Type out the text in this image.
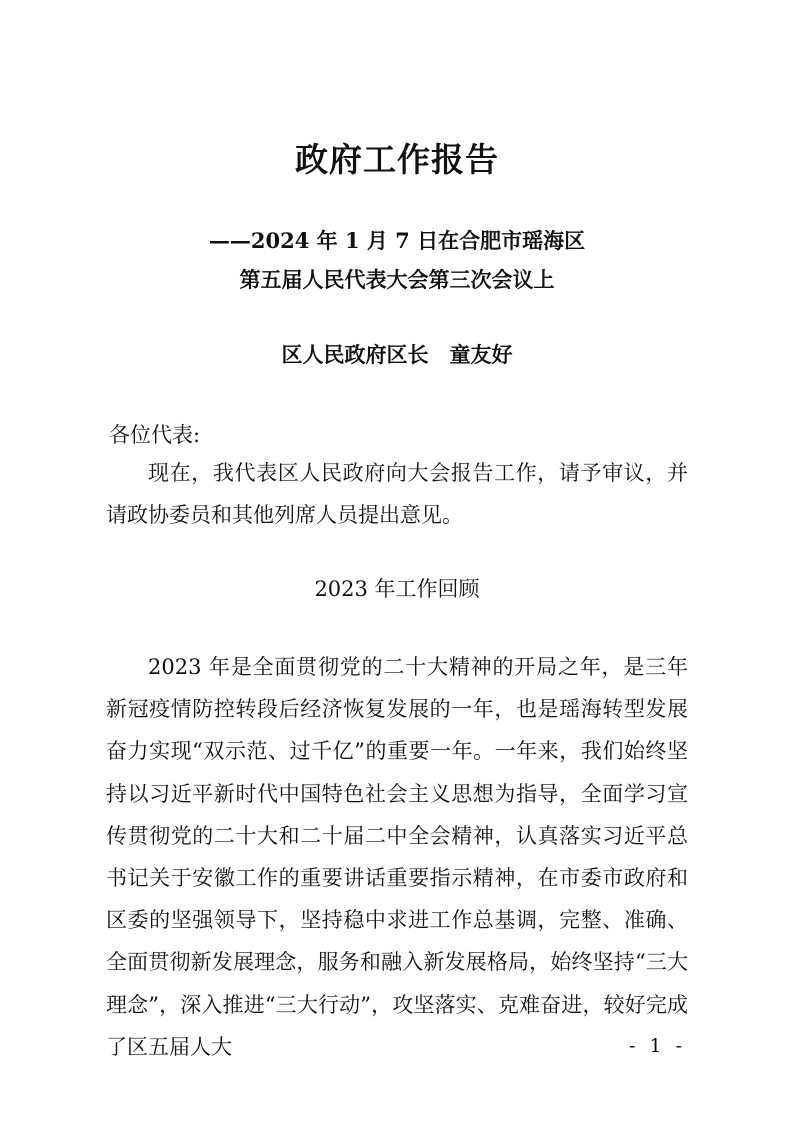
政府工作报告
——2024 年 1 月 7 日在合肥市瑶海区
第五届人民代表大会第三次会议上
区人民政府区长　童友好
各位代表:

现在，我代表区人民政府向大会报告工作，请予审议，并请政协委员和其他列席人员提出意见。

2023 年工作回顾

2023 年是全面贯彻党的二十大精神的开局之年，是三年新冠疫情防控转段后经济恢复发展的一年，也是瑶海转型发展奋力实现“双示范、过千亿”的重要一年。一年来，我们始终坚持以习近平新时代中国特色社会主义思想为指导，全面学习宣传贯彻党的二十大和二十届二中全会精神，认真落实习近平总书记关于安徽工作的重要讲话重要指示精神，在市委市政府和区委的坚强领导下，坚持稳中求进工作总基调，完整、准确、全面贯彻新发展理念，服务和融入新发展格局，始终坚持“三大理念”，深入推进“三大行动”，攻坚落实、克难奋进，较好完成了区五届人大	- 1 -
